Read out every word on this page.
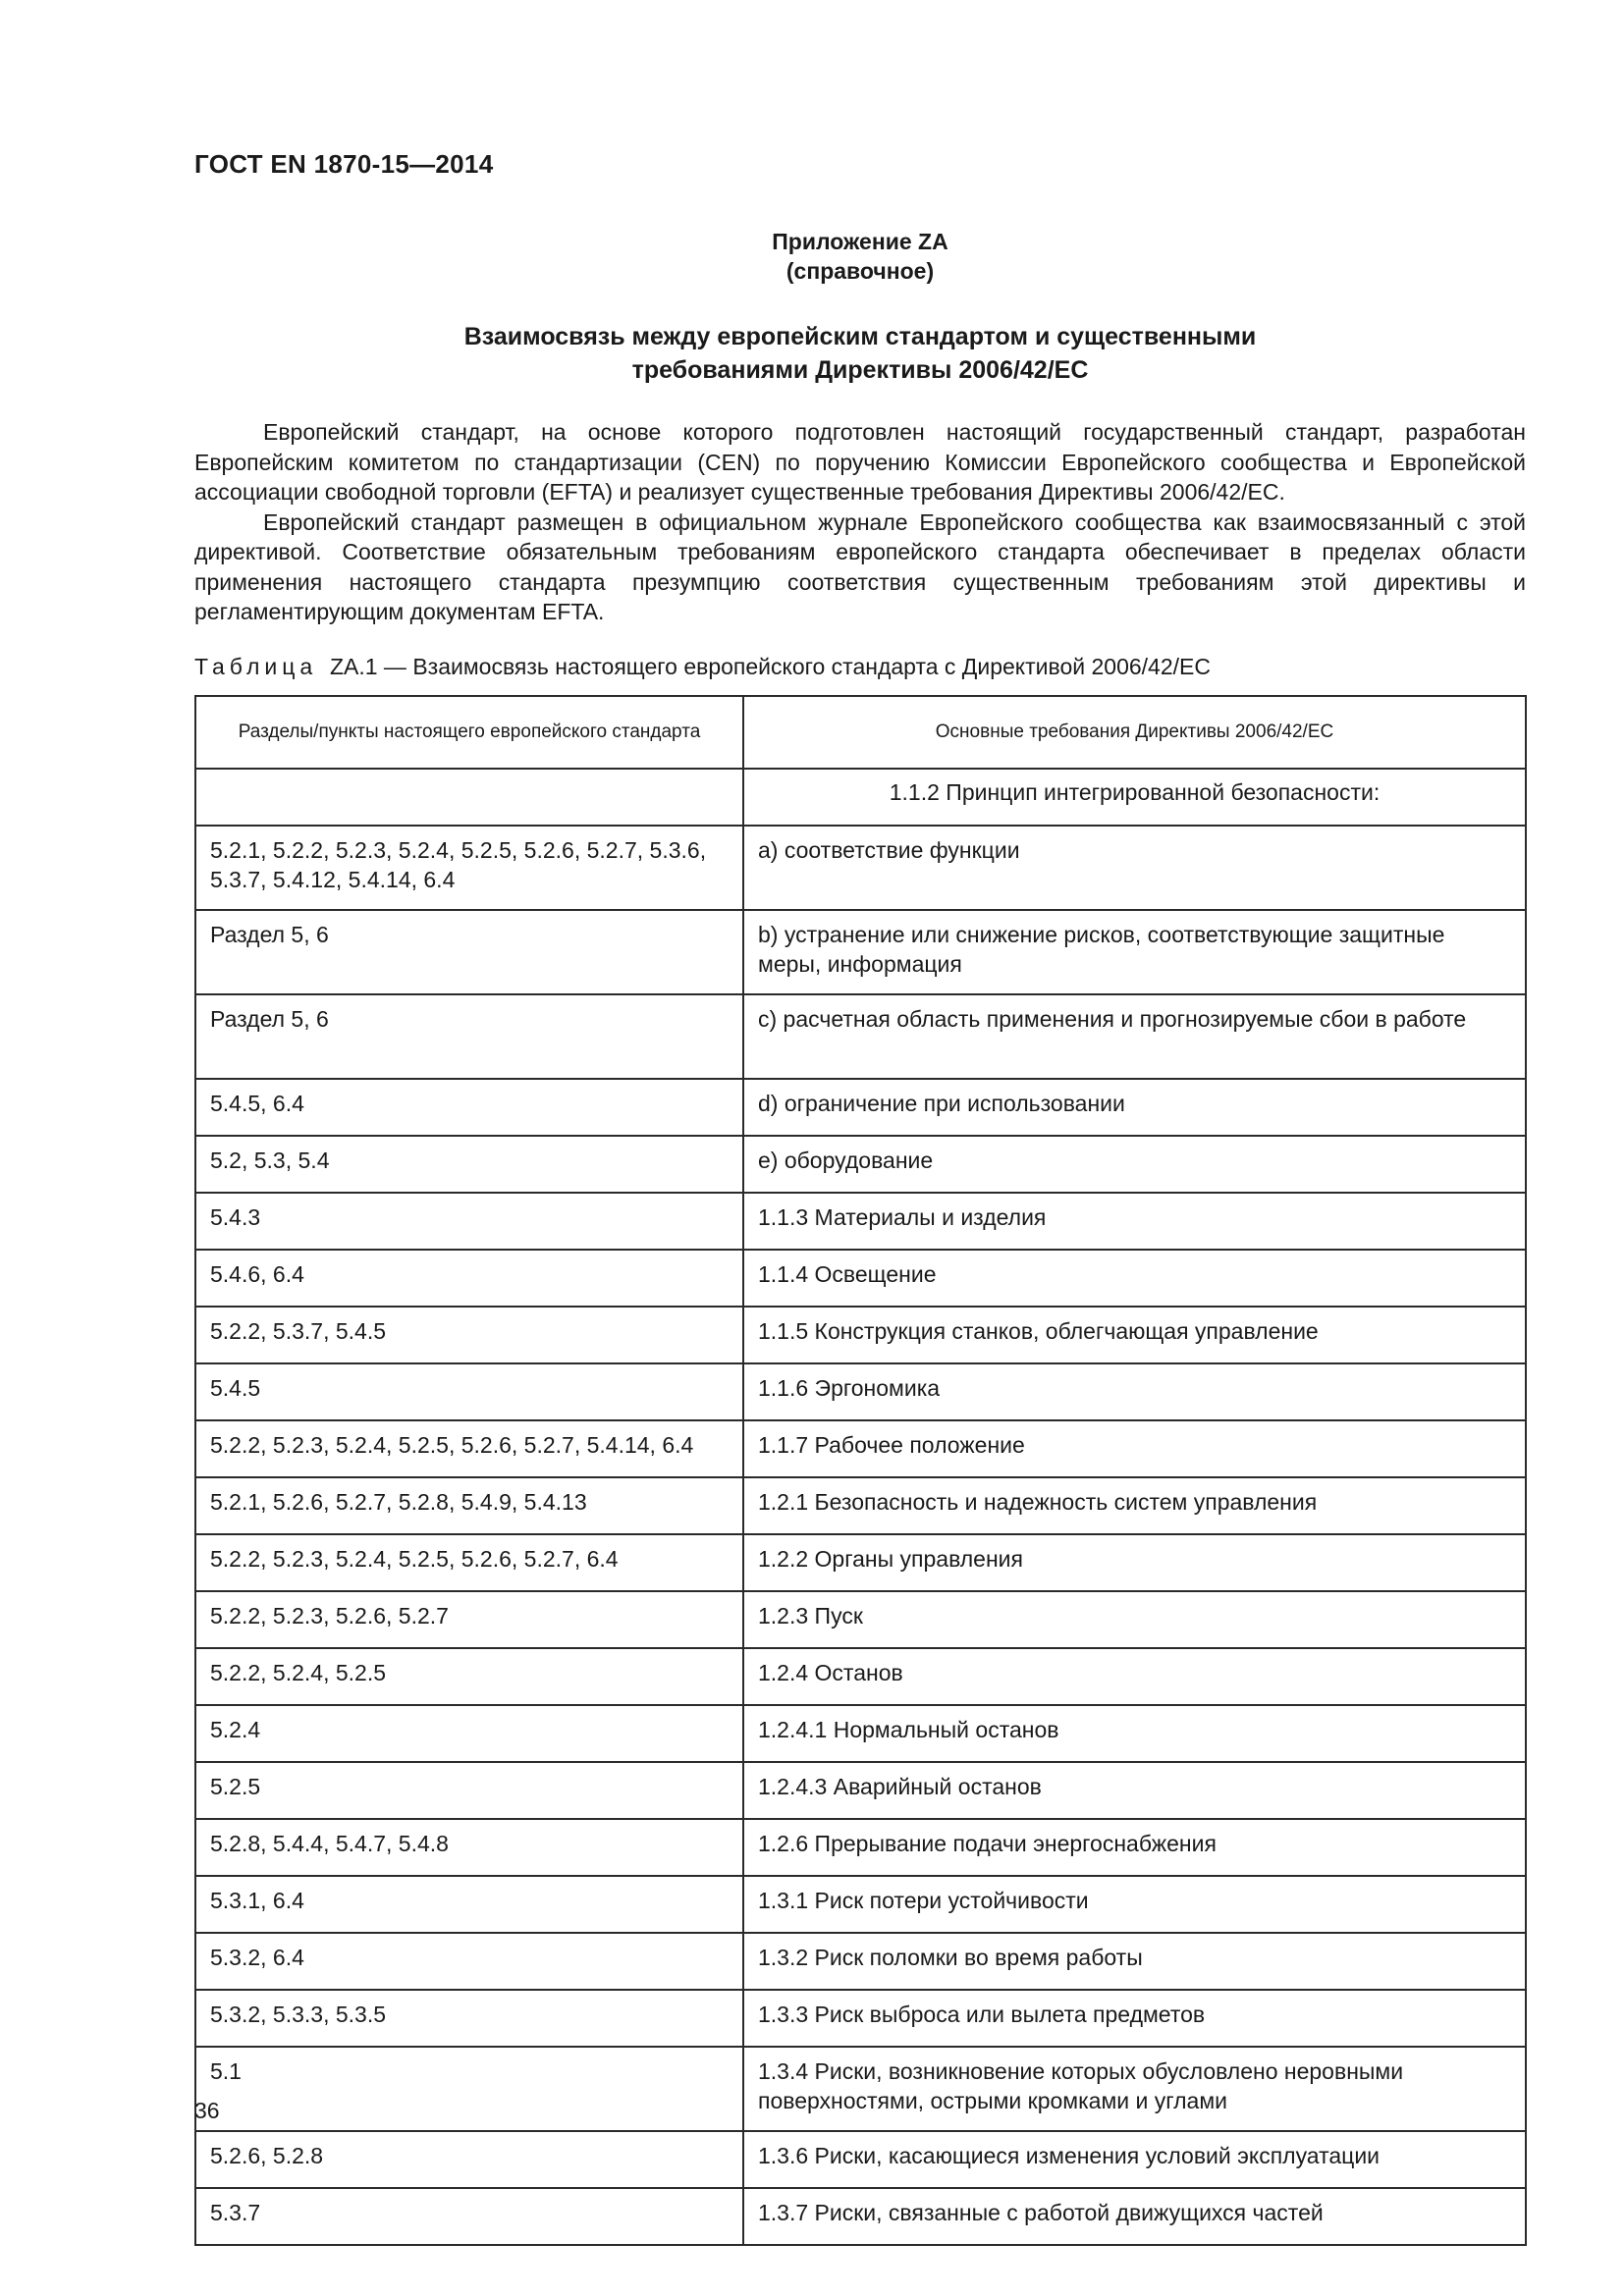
ГОСТ EN 1870-15—2014
Приложение ZA
(справочное)
Взаимосвязь между европейским стандартом и существенными
требованиями Директивы 2006/42/EC

Европейский стандарт, на основе которого подготовлен настоящий государственный стандарт, разработан Европейским комитетом по стандартизации (CEN) по поручению Комиссии Европейского сообщества и Европейской ассоциации свободной торговли (EFTA) и реализует существенные требования Директивы 2006/42/EC.

Европейский стандарт размещен в официальном журнале Европейского сообщества как взаимосвязанный с этой директивой. Соответствие обязательным требованиям европейского стандарта обеспечивает в пределах области применения настоящего стандарта презумпцию соответствия существенным требованиям этой директивы и регламентирующим документам EFTA.

Таблица ZA.1 — Взаимосвязь настоящего европейского стандарта с Директивой 2006/42/EC
Разделы/пункты настоящего европейского стандарта	Основные требования Директивы 2006/42/EC
	1.1.2 Принцип интегрированной безопасности:
5.2.1, 5.2.2, 5.2.3, 5.2.4, 5.2.5, 5.2.6, 5.2.7, 5.3.6, 5.3.7, 5.4.12, 5.4.14, 6.4	a) соответствие функции
Раздел 5, 6	b) устранение или снижение рисков, соответствующие защитные меры, информация
Раздел 5, 6	c) расчетная область применения и прогнозируемые сбои в работе
5.4.5, 6.4	d) ограничение при использовании
5.2, 5.3, 5.4	e) оборудование
5.4.3	1.1.3 Материалы и изделия
5.4.6, 6.4	1.1.4 Освещение
5.2.2, 5.3.7, 5.4.5	1.1.5 Конструкция станков, облегчающая управление
5.4.5	1.1.6 Эргономика
5.2.2, 5.2.3, 5.2.4, 5.2.5, 5.2.6, 5.2.7, 5.4.14, 6.4	1.1.7 Рабочее положение
5.2.1, 5.2.6, 5.2.7, 5.2.8, 5.4.9, 5.4.13	1.2.1 Безопасность и надежность систем управления
5.2.2, 5.2.3, 5.2.4, 5.2.5, 5.2.6, 5.2.7, 6.4	1.2.2 Органы управления
5.2.2, 5.2.3, 5.2.6, 5.2.7	1.2.3 Пуск
5.2.2, 5.2.4, 5.2.5	1.2.4 Останов
5.2.4	1.2.4.1 Нормальный останов
5.2.5	1.2.4.3 Аварийный останов
5.2.8, 5.4.4, 5.4.7, 5.4.8	1.2.6 Прерывание подачи энергоснабжения
5.3.1, 6.4	1.3.1 Риск потери устойчивости
5.3.2, 6.4	1.3.2 Риск поломки во время работы
5.3.2, 5.3.3, 5.3.5	1.3.3 Риск выброса или вылета предметов
5.1	1.3.4 Риски, возникновение которых обусловлено неровными поверхностями, острыми кромками и углами
5.2.6, 5.2.8	1.3.6 Риски, касающиеся изменения условий эксплуатации
5.3.7	1.3.7 Риски, связанные с работой движущихся частей
36
